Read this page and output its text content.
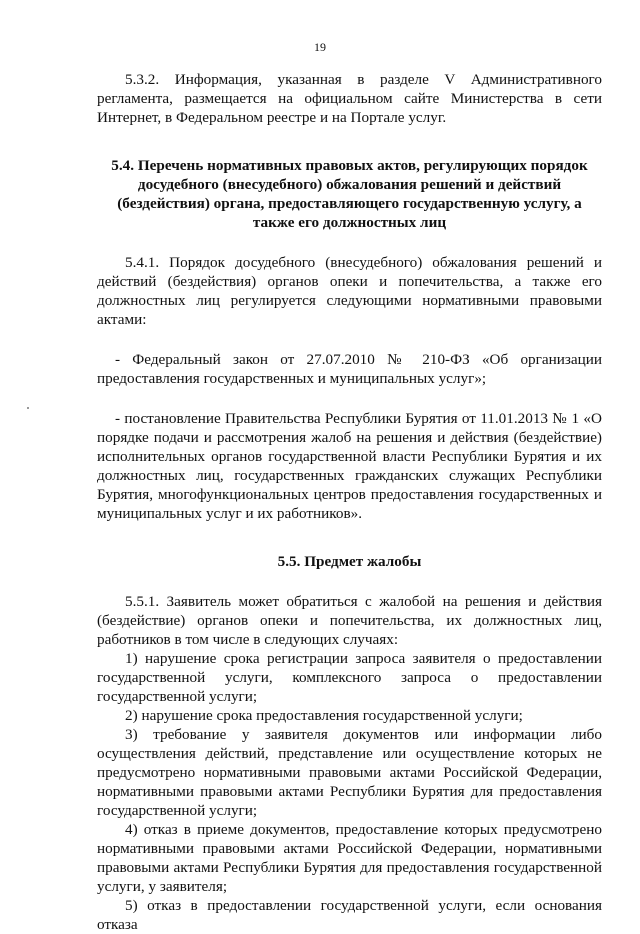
19

5.3.2. Информация, указанная в разделе V Административного регламента, размещается на официальном сайте Министерства в сети Интернет, в Федеральном реестре и на Портале услуг.

5.4. Перечень нормативных правовых актов, регулирующих порядок досудебного (внесудебного) обжалования решений и действий (бездействия) органа, предоставляющего государственную услугу, а также его должностных лиц

5.4.1. Порядок досудебного (внесудебного) обжалования решений и действий (бездействия) органов опеки и попечительства, а также его должностных лиц регулируется следующими нормативными правовыми актами:

- Федеральный закон от 27.07.2010 № 210-ФЗ «Об организации предоставления государственных и муниципальных услуг»;

- постановление Правительства Республики Бурятия от 11.01.2013 № 1 «О порядке подачи и рассмотрения жалоб на решения и действия (бездействие) исполнительных органов государственной власти Республики Бурятия и их должностных лиц, государственных гражданских служащих Республики Бурятия, многофункциональных центров предоставления государственных и муниципальных услуг и их работников».

5.5. Предмет жалобы

5.5.1. Заявитель может обратиться с жалобой на решения и действия (бездействие) органов опеки и попечительства, их должностных лиц, работников в том числе в следующих случаях:

1) нарушение срока регистрации запроса заявителя о предоставлении государственной услуги, комплексного запроса о предоставлении государственной услуги;

2) нарушение срока предоставления государственной услуги;

3) требование у заявителя документов или информации либо осуществления действий, представление или осуществление которых не предусмотрено нормативными правовыми актами Российской Федерации, нормативными правовыми актами Республики Бурятия для предоставления государственной услуги;

4) отказ в приеме документов, предоставление которых предусмотрено нормативными правовыми актами Российской Федерации, нормативными правовыми актами Республики Бурятия для предоставления государственной услуги, у заявителя;

5) отказ в предоставлении государственной услуги, если основания отказа
